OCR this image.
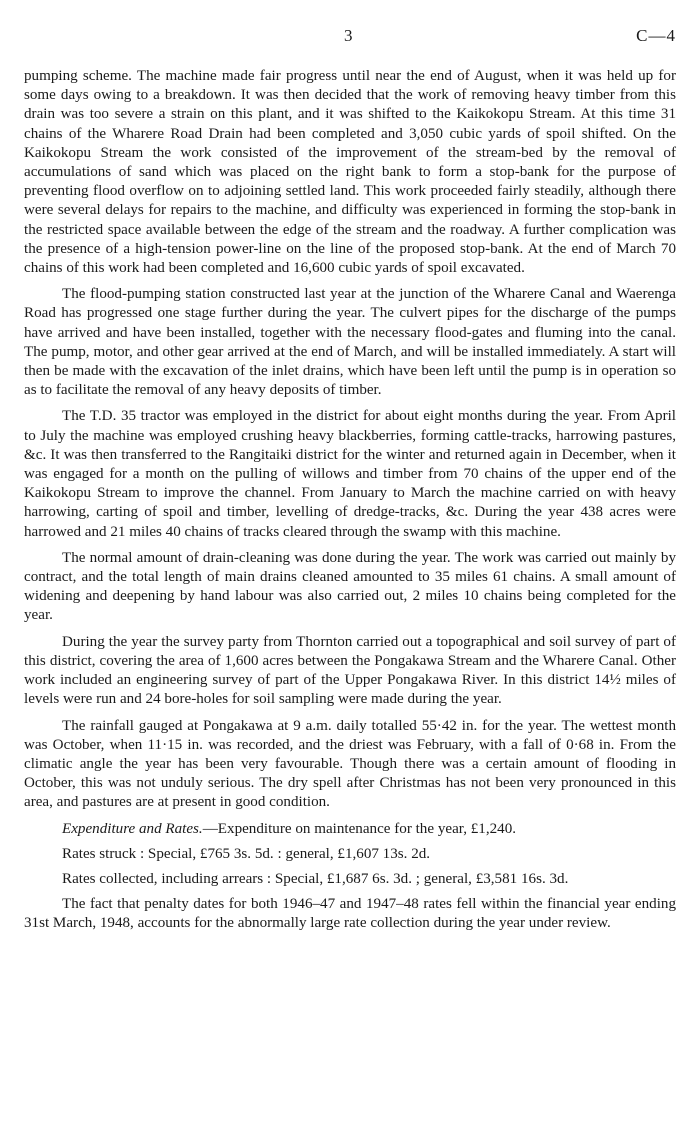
3	C—4

pumping scheme. The machine made fair progress until near the end of August, when it was held up for some days owing to a breakdown. It was then decided that the work of removing heavy timber from this drain was too severe a strain on this plant, and it was shifted to the Kaikokopu Stream. At this time 31 chains of the Wharere Road Drain had been completed and 3,050 cubic yards of spoil shifted. On the Kaikokopu Stream the work consisted of the improvement of the stream-bed by the removal of accumulations of sand which was placed on the right bank to form a stop-bank for the purpose of preventing flood overflow on to adjoining settled land. This work proceeded fairly steadily, although there were several delays for repairs to the machine, and difficulty was experienced in forming the stop-bank in the restricted space available between the edge of the stream and the roadway. A further complication was the presence of a high-tension power-line on the line of the proposed stop-bank. At the end of March 70 chains of this work had been completed and 16,600 cubic yards of spoil excavated.

The flood-pumping station constructed last year at the junction of the Wharere Canal and Waerenga Road has progressed one stage further during the year. The culvert pipes for the discharge of the pumps have arrived and have been installed, together with the necessary flood-gates and fluming into the canal. The pump, motor, and other gear arrived at the end of March, and will be installed immediately. A start will then be made with the excavation of the inlet drains, which have been left until the pump is in operation so as to facilitate the removal of any heavy deposits of timber.

The T.D. 35 tractor was employed in the district for about eight months during the year. From April to July the machine was employed crushing heavy blackberries, forming cattle-tracks, harrowing pastures, &c. It was then transferred to the Rangitaiki district for the winter and returned again in December, when it was engaged for a month on the pulling of willows and timber from 70 chains of the upper end of the Kaikokopu Stream to improve the channel. From January to March the machine carried on with heavy harrowing, carting of spoil and timber, levelling of dredge-tracks, &c. During the year 438 acres were harrowed and 21 miles 40 chains of tracks cleared through the swamp with this machine.

The normal amount of drain-cleaning was done during the year. The work was carried out mainly by contract, and the total length of main drains cleaned amounted to 35 miles 61 chains. A small amount of widening and deepening by hand labour was also carried out, 2 miles 10 chains being completed for the year.

During the year the survey party from Thornton carried out a topographical and soil survey of part of this district, covering the area of 1,600 acres between the Pongakawa Stream and the Wharere Canal. Other work included an engineering survey of part of the Upper Pongakawa River. In this district 14½ miles of levels were run and 24 bore-holes for soil sampling were made during the year.

The rainfall gauged at Pongakawa at 9 a.m. daily totalled 55·42 in. for the year. The wettest month was October, when 11·15 in. was recorded, and the driest was February, with a fall of 0·68 in. From the climatic angle the year has been very favourable. Though there was a certain amount of flooding in October, this was not unduly serious. The dry spell after Christmas has not been very pronounced in this area, and pastures are at present in good condition.

Expenditure and Rates.—Expenditure on maintenance for the year, £1,240.

Rates struck : Special, £765 3s. 5d. : general, £1,607 13s. 2d.

Rates collected, including arrears : Special, £1,687 6s. 3d. ; general, £3,581 16s. 3d.

The fact that penalty dates for both 1946–47 and 1947–48 rates fell within the financial year ending 31st March, 1948, accounts for the abnormally large rate collection during the year under review.
